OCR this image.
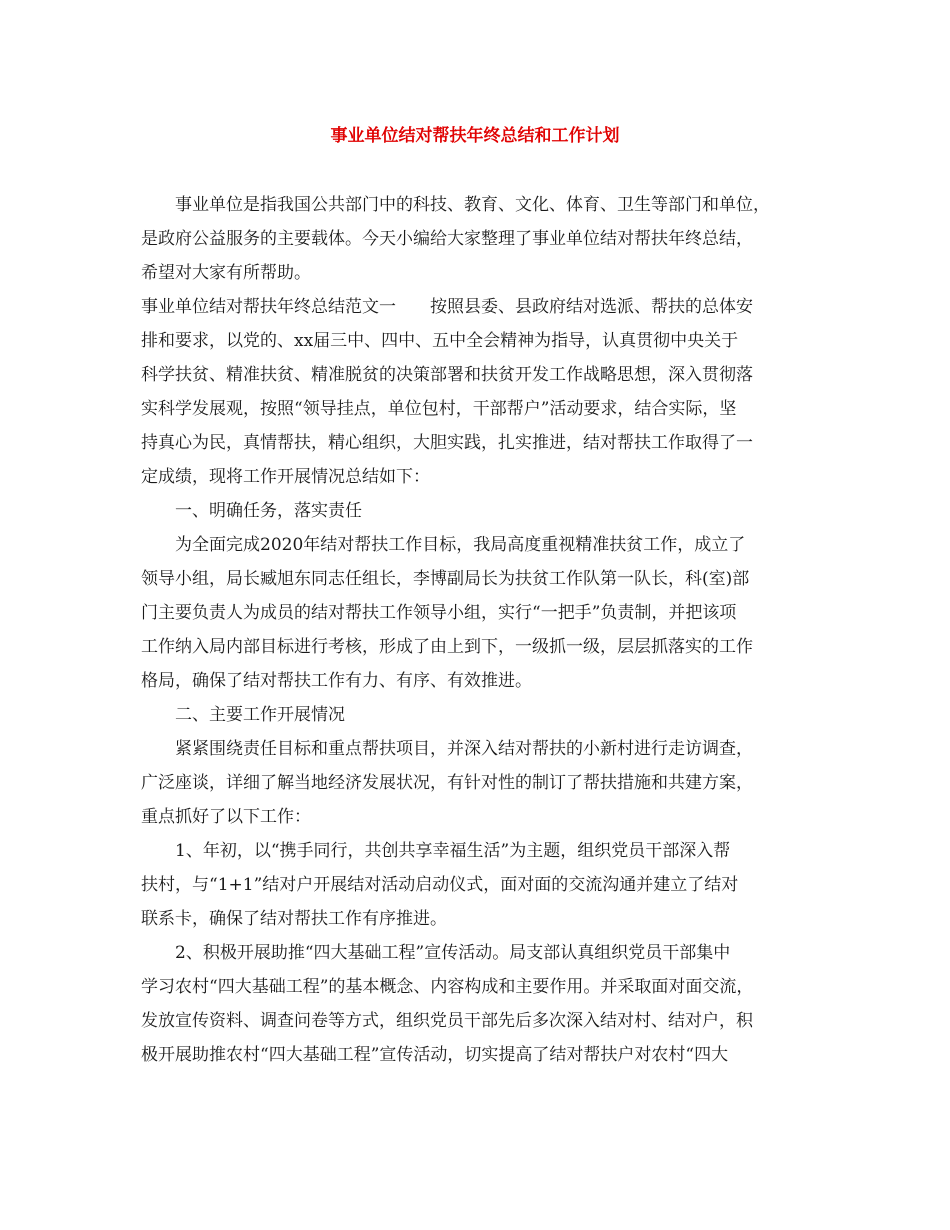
事业单位结对帮扶年终总结和工作计划
事业单位是指我国公共部门中的科技、教育、文化、体育、卫生等部门和单位，
是政府公益服务的主要载体。今天小编给大家整理了事业单位结对帮扶年终总结，
希望对大家有所帮助。
事业单位结对帮扶年终总结范文一　　按照县委、县政府结对选派、帮扶的总体安
排和要求，以党的、xx届三中、四中、五中全会精神为指导，认真贯彻中央关于
科学扶贫、精准扶贫、精准脱贫的决策部署和扶贫开发工作战略思想，深入贯彻落
实科学发展观，按照“领导挂点，单位包村，干部帮户”活动要求，结合实际，坚
持真心为民，真情帮扶，精心组织，大胆实践，扎实推进，结对帮扶工作取得了一
定成绩，现将工作开展情况总结如下：
一、明确任务，落实责任
为全面完成2020年结对帮扶工作目标，我局高度重视精准扶贫工作，成立了
领导小组，局长臧旭东同志任组长，李博副局长为扶贫工作队第一队长，科(室)部
门主要负责人为成员的结对帮扶工作领导小组，实行“一把手”负责制，并把该项
工作纳入局内部目标进行考核，形成了由上到下，一级抓一级，层层抓落实的工作
格局，确保了结对帮扶工作有力、有序、有效推进。
二、主要工作开展情况
紧紧围绕责任目标和重点帮扶项目，并深入结对帮扶的小新村进行走访调查，
广泛座谈，详细了解当地经济发展状况，有针对性的制订了帮扶措施和共建方案，
重点抓好了以下工作：
1、年初，以“携手同行，共创共享幸福生活”为主题，组织党员干部深入帮
扶村，与“1+1”结对户开展结对活动启动仪式，面对面的交流沟通并建立了结对
联系卡，确保了结对帮扶工作有序推进。
2、积极开展助推“四大基础工程”宣传活动。局支部认真组织党员干部集中
学习农村“四大基础工程”的基本概念、内容构成和主要作用。并采取面对面交流，
发放宣传资料、调查问卷等方式，组织党员干部先后多次深入结对村、结对户，积
极开展助推农村“四大基础工程”宣传活动，切实提高了结对帮扶户对农村“四大
